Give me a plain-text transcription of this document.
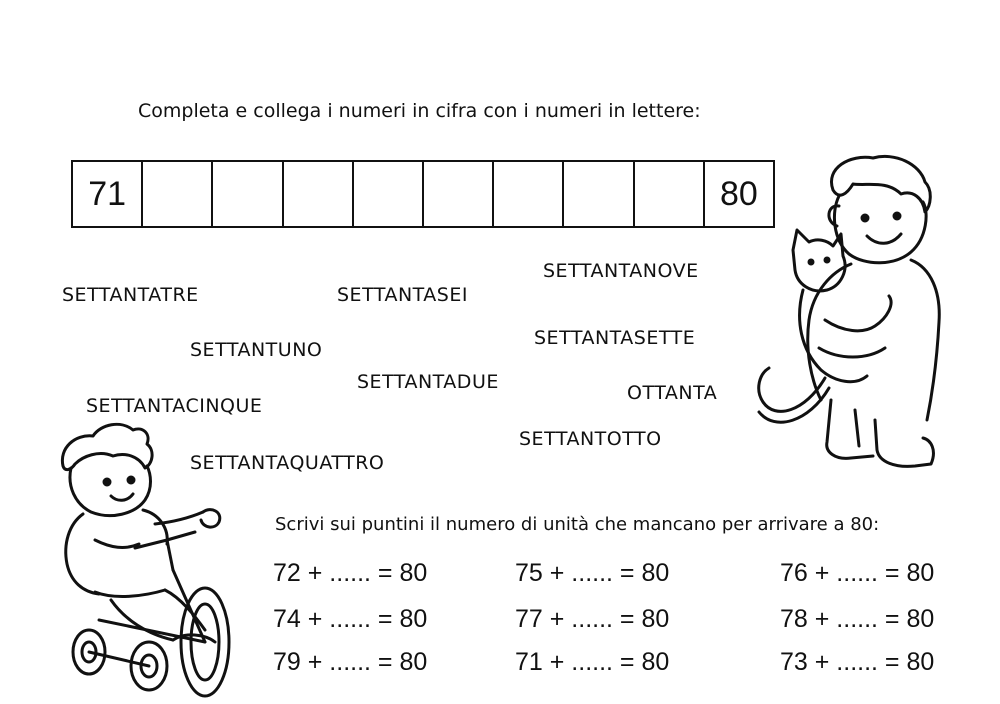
Completa e collega i numeri in cifra con i numeri in lettere:
71	80
SETTANTATRE	SETTANTASEI
SETTANTANOVE
SETTANTASETTE
SETTANTUNO
SETTANTADUE	OTTANTA
SETTANTACINQUE
SETTANTOTTO
SETTANTAQUATTRO
Scrivi sui puntini il numero di unità che mancano per arrivare a 80:
72 + ...... = 80	75 + ...... = 80	76 + ...... = 80
74 + ...... = 80	77 + ...... = 80	78 + ...... = 80
79 + ...... = 80	71 + ...... = 80	73 + ...... = 80
